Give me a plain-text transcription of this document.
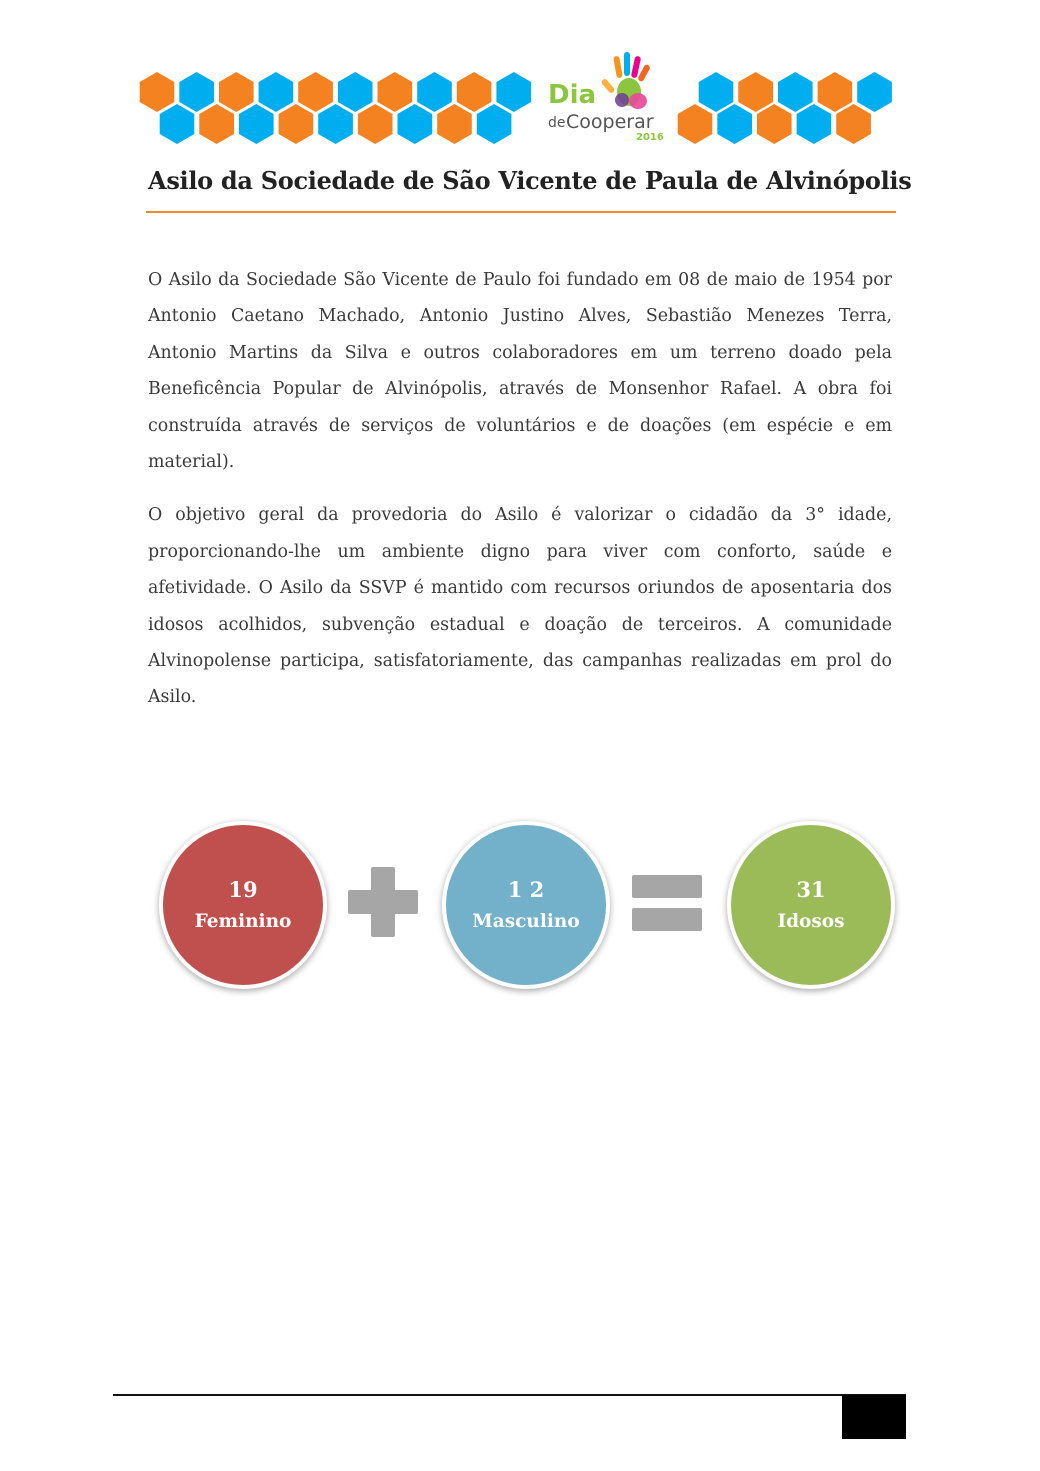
Dia
de Cooperar
2016
Asilo da Sociedade de São Vicente de Paula de Alvinópolis

O Asilo da Sociedade São Vicente de Paulo foi fundado em 08 de maio de 1954 por Antonio Caetano Machado, Antonio Justino Alves, Sebastião Menezes Terra, Antonio Martins da Silva e outros colaboradores em um terreno doado pela Beneficência Popular de Alvinópolis, através de Monsenhor Rafael. A obra foi construída através de serviços de voluntários e de doações (em espécie e em material).

O objetivo geral da provedoria do Asilo é valorizar o cidadão da 3° idade, proporcionando-lhe um ambiente digno para viver com conforto, saúde e afetividade. O Asilo da SSVP é mantido com recursos oriundos de aposentaria dos idosos acolhidos, subvenção estadual e doação de terceiros. A comunidade Alvinopolense participa, satisfatoriamente, das campanhas realizadas em prol do Asilo.

19
Feminino
1 2
Masculino
31
Idosos
